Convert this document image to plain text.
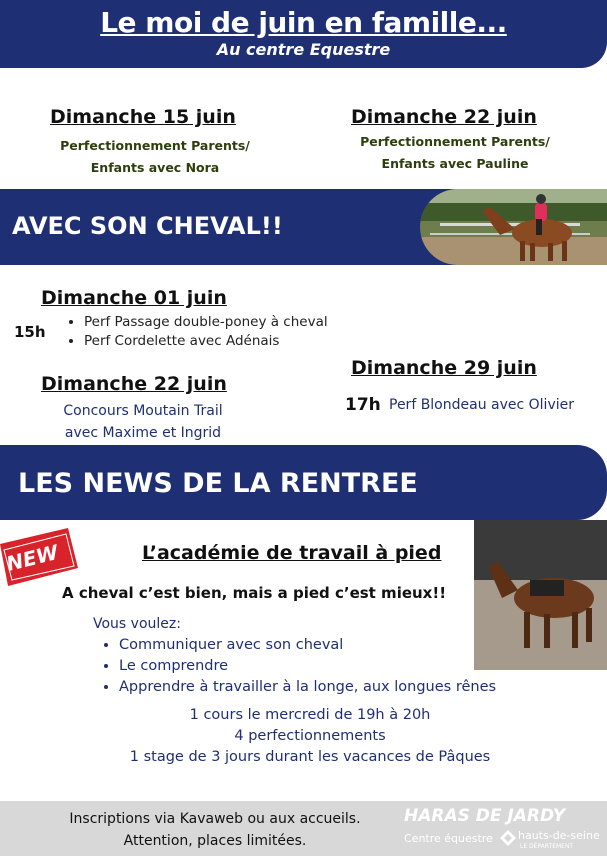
Le moi de juin en famille...
Au centre Equestre
Dimanche 15 juin
Perfectionnement Parents/
Enfants avec Nora
Dimanche 22 juin
Perfectionnement Parents/
Enfants avec Pauline
AVEC SON CHEVAL!!
Dimanche 01 juin
15h
• Perf Passage double-poney à cheval
• Perf Cordelette avec Adénais
Dimanche 22 juin
Concours Moutain Trail
avec Maxime et Ingrid
Dimanche 29 juin
17h Perf Blondeau avec Olivier
LES NEWS DE LA RENTREE
NEW	L’académie de travail à pied
A cheval c’est bien, mais a pied c’est mieux!!
Vous voulez:
• Communiquer avec son cheval
• Le comprendre
• Apprendre à travailler à la longe, aux longues rênes
1 cours le mercredi de 19h à 20h
4 perfectionnements
1 stage de 3 jours durant les vacances de Pâques
Inscriptions via Kavaweb ou aux accueils.
Attention, places limitées.
HARAS DE JARDY
Centre équestre hauts-de-seine
LE DÉPARTEMENT
